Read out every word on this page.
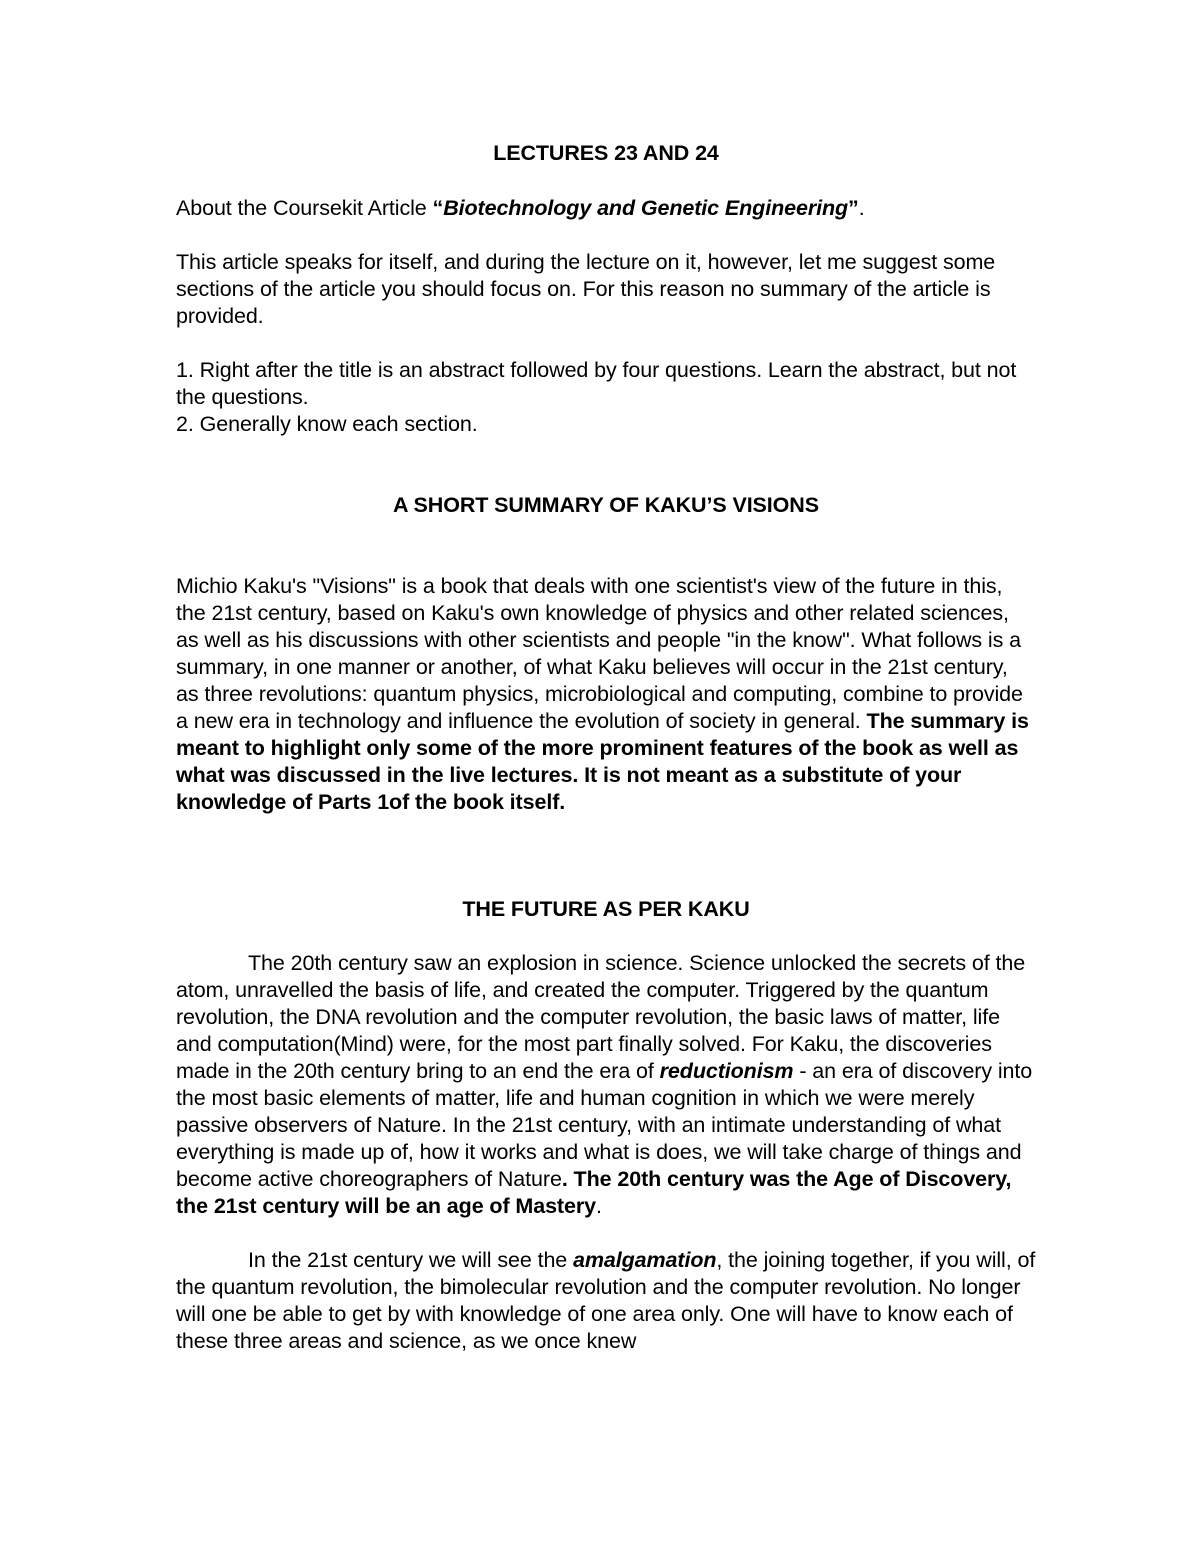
LECTURES 23 AND 24

About the Coursekit Article “Biotechnology and Genetic Engineering”.

This article speaks for itself, and during the lecture on it, however, let me suggest some sections of the article you should focus on. For this reason no summary of the article is provided.

1. Right after the title is an abstract followed by four questions. Learn the abstract, but not the questions.

2. Generally know each section.

A SHORT SUMMARY OF KAKU’S VISIONS

Michio Kaku's "Visions" is a book that deals with one scientist's view of the future in this, the 21st century, based on Kaku's own knowledge of physics and other related sciences, as well as his discussions with other scientists and people "in the know". What follows is a summary, in one manner or another, of what Kaku believes will occur in the 21st century, as three revolutions: quantum physics, microbiological and computing, combine to provide a new era in technology and influence the evolution of society in general. The summary is meant to highlight only some of the more prominent features of the book as well as what was discussed in the live lectures. It is not meant as a substitute of your knowledge of Parts 1of the book itself.

THE FUTURE AS PER KAKU

The 20th century saw an explosion in science. Science unlocked the secrets of the atom, unravelled the basis of life, and created the computer. Triggered by the quantum revolution, the DNA revolution and the computer revolution, the basic laws of matter, life and computation(Mind) were, for the most part finally solved. For Kaku, the discoveries made in the 20th century bring to an end the era of reductionism - an era of discovery into the most basic elements of matter, life and human cognition in which we were merely passive observers of Nature. In the 21st century, with an intimate understanding of what everything is made up of, how it works and what is does, we will take charge of things and become active choreographers of Nature. The 20th century was the Age of Discovery, the 21st century will be an age of Mastery.

In the 21st century we will see the amalgamation, the joining together, if you will, of the quantum revolution, the bimolecular revolution and the computer revolution. No longer will one be able to get by with knowledge of one area only. One will have to know each of these three areas and science, as we once knew
